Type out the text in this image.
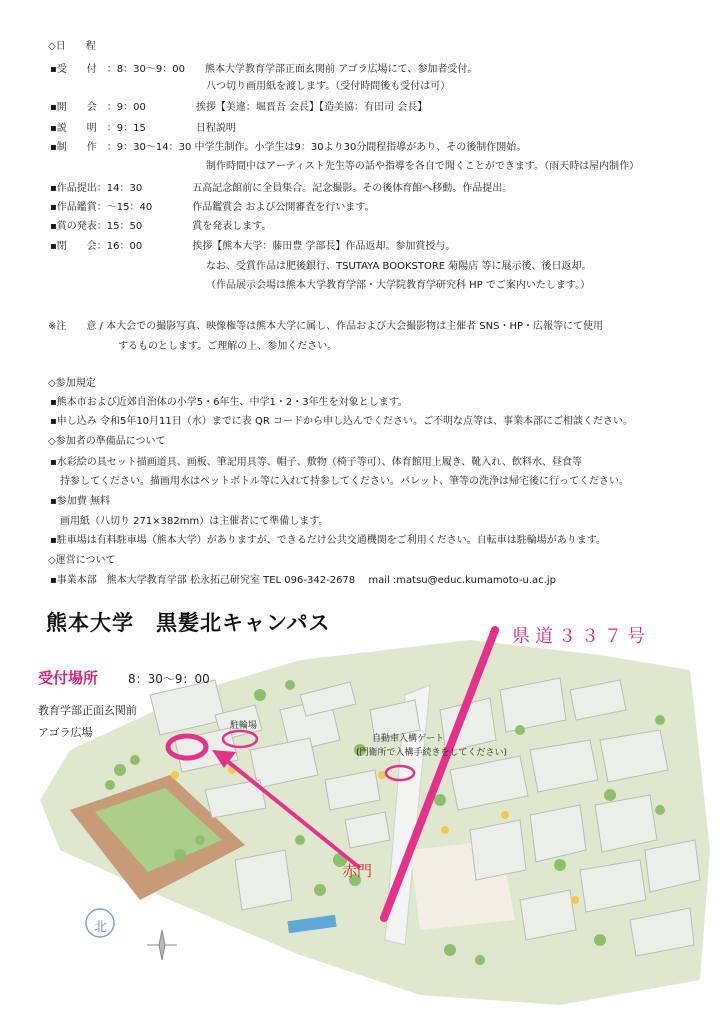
◇日　　程
▪受　　付　：8：30〜9：00　　熊本大学教育学部正面玄関前 アゴラ広場にて、参加者受付。
八つ切り画用紙を渡します。（受付時間後も受付は可）
▪開　　会　：9：00　　　　　挨拶【美違：堀晋吾 会長】【造美協：有田司 会長】
▪説　　明　：9：15　　　　　日程説明
▪制　　作　：9：30〜14：30 中学生制作。小学生は9：30より30分間程指導があり、その後制作開始。
制作時間中はアーティスト先生等の話や指導を各自で聞くことができます。（雨天時は屋内制作）
▪作品提出：14：30　　　　　五高記念館前に全員集合。記念撮影。その後体育館へ移動。作品提出。
▪作品鑑賞：〜15：40　　　　作品鑑賞会 および公開審査を行います。
▪賞の発表：15：50　　　　　賞を発表します。
▪閉　　会：16：00　　　　　挨拶【熊本大学：藤田豊 学部長】作品返却。参加賞授与。
なお、受賞作品は肥後銀行、TSUTAYA BOOKSTORE 菊陽店 等に展示後、後日返却。
（作品展示会場は熊本大学教育学部・大学院教育学研究科 HP でご案内いたします。）
※注　　意 / 本大会での撮影写真、映像権等は熊本大学に属し、作品および大会撮影物は主催者 SNS・HP・広報等にて使用
するものとします。ご理解の上、参加ください。
◇参加規定
▪熊本市および近郊自治体の小学5・6年生、中学1・2・3年生を対象とします。
▪申し込み 令和5年10月11日（水）までに表 QR コードから申し込んでください。ご不明な点等は、事業本部にご相談ください。
◇参加者の準備品について
▪水彩絵の具セット描画道具、画板、筆記用具等、帽子、敷物（椅子等可）、体育館用上履き、靴入れ、飲料水、昼食等
持参してください。描画用水はペットボトル等に入れて持参してください。パレット、筆等の洗浄は帰宅後に行ってください。
▪参加費 無料
画用紙（八切り 271×382mm）は主催者にて準備します。
▪駐車場は有料駐車場（熊本大学）がありますが、できるだけ公共交通機関をご利用ください。自転車は駐輪場があります。
◇運営について
▪事業本部　熊本大学教育学部 松永拓己研究室 TEL 096-342-2678　 mail :matsu@educ.kumamoto-u.ac.jp
熊本大学　黒髪北キャンパス
県道３３７号
受付場所 8：30〜9：00
教育学部正面玄関前
アゴラ広場	駐輪場
自動車入構ゲート
(門衛所で入構手続きをしてください)
赤門
北
